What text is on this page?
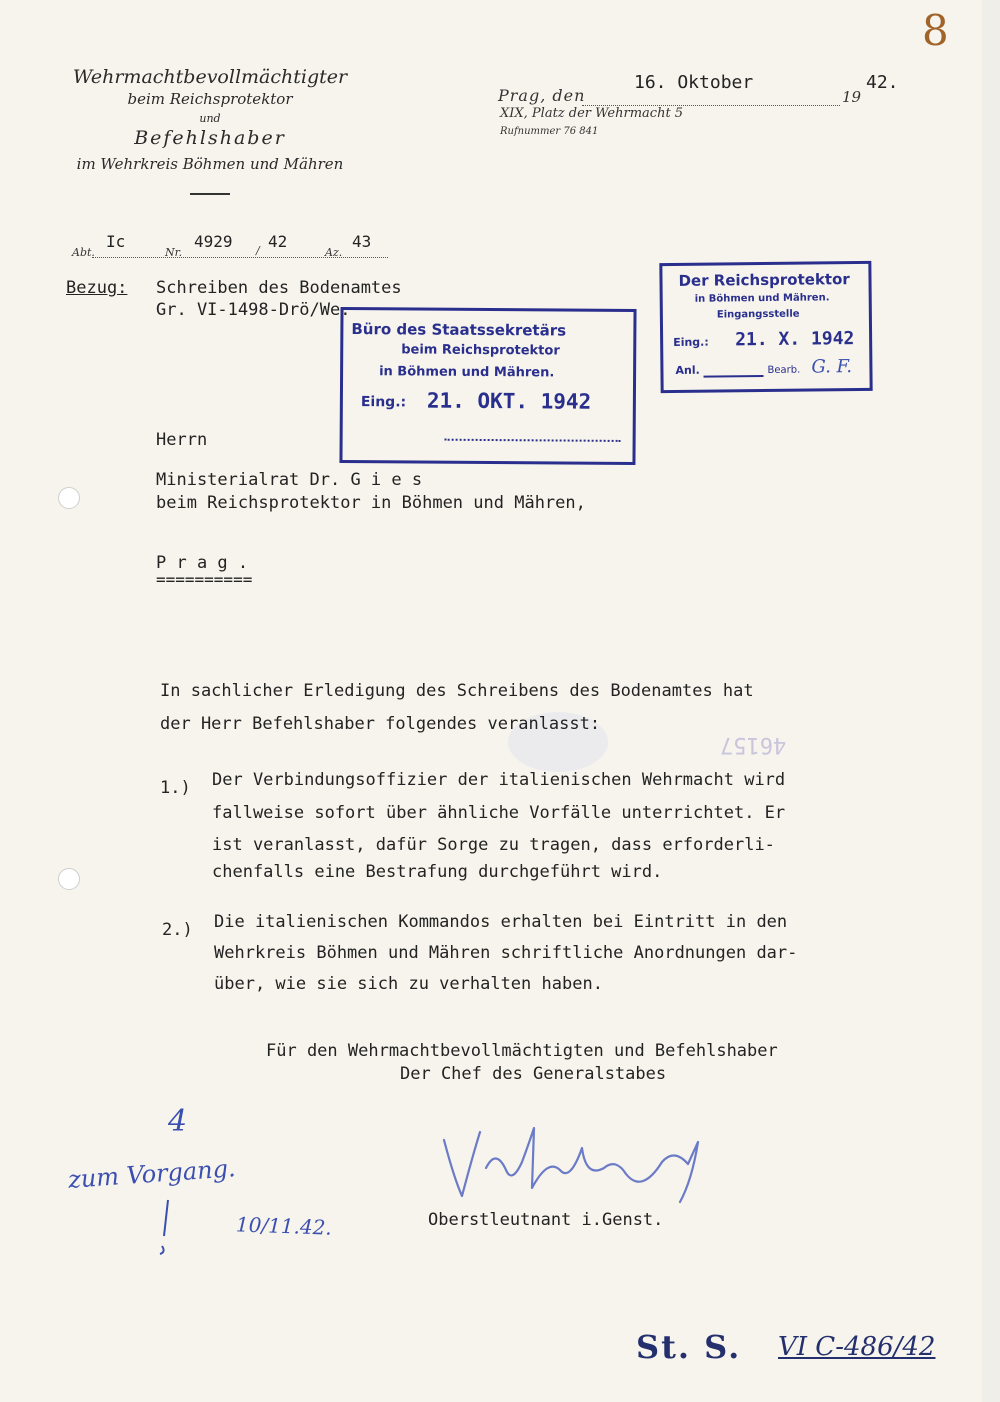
8
Wehrmachtbevollmächtigter
beim Reichsprotektor
und
Befehlshaber
im Wehrkreis Böhmen und Mähren
Prag, den
16. Oktober
19
42.
XIX, Platz der Wehrmacht 5
Rufnummer 76 841
Abt.
Ic
Nr.
4929 / 42
Az.
43
Bezug: Schreiben des Bodenamtes
Gr. VI-1498-Drö/We.
Büro des Staatssekretärs
beim Reichsprotektor
in Böhmen und Mähren.
Eing.: 21. OKT. 1942
Der Reichsprotektor
in Böhmen und Mähren.
Eingangsstelle
Eing.: 21. X. 1942
Anl.	Bearb. G. F.
Herrn
Ministerialrat Dr. G i e s
beim Reichsprotektor in Böhmen und Mähren,
P r a g .
==========
46157
In sachlicher Erledigung des Schreibens des Bodenamtes hat
der Herr Befehlshaber folgendes veranlasst:
1.) Der Verbindungsoffizier der italienischen Wehrmacht wird
fallweise sofort über ähnliche Vorfälle unterrichtet. Er
ist veranlasst, dafür Sorge zu tragen, dass erforderli-
chenfalls eine Bestrafung durchgeführt wird.
2.) Die italienischen Kommandos erhalten bei Eintritt in den
Wehrkreis Böhmen und Mähren schriftliche Anordnungen dar-
über, wie sie sich zu verhalten haben.
Für den Wehrmachtbevollmächtigten und Befehlshaber
Der Chef des Generalstabes
Oberstleutnant i.Genst.
4
zum Vorgang.
10/11.42.
St. S. VI C-486/42
